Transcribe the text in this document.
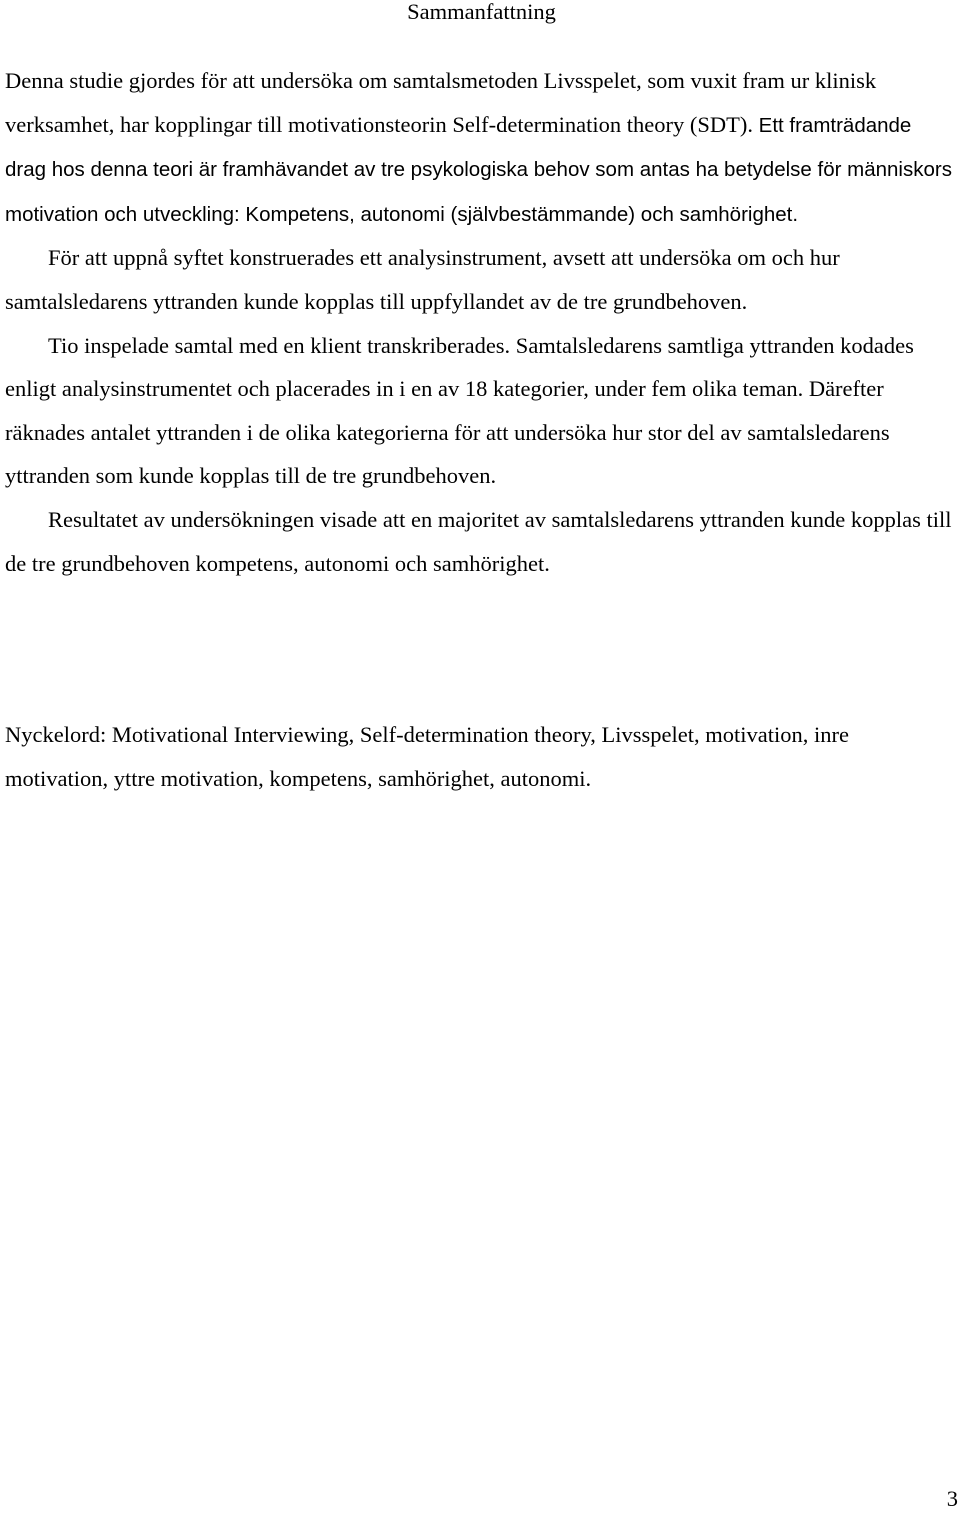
Sammanfattning

Denna studie gjordes för att undersöka om samtalsmetoden Livsspelet, som vuxit fram ur klinisk verksamhet, har kopplingar till motivationsteorin Self-determination theory (SDT). Ett framträdande drag hos denna teori är framhävandet av tre psykologiska behov som antas ha betydelse för människors motivation och utveckling: Kompetens, autonomi (självbestämmande) och samhörighet.

För att uppnå syftet konstruerades ett analysinstrument, avsett att undersöka om och hur samtalsledarens yttranden kunde kopplas till uppfyllandet av de tre grundbehoven.

Tio inspelade samtal med en klient transkriberades. Samtalsledarens samtliga yttranden kodades enligt analysinstrumentet och placerades in i en av 18 kategorier, under fem olika teman. Därefter räknades antalet yttranden i de olika kategorierna för att undersöka hur stor del av samtalsledarens yttranden som kunde kopplas till de tre grundbehoven.

Resultatet av undersökningen visade att en majoritet av samtalsledarens yttranden kunde kopplas till de tre grundbehoven kompetens, autonomi och samhörighet.

Nyckelord: Motivational Interviewing, Self-determination theory, Livsspelet, motivation, inre motivation, yttre motivation, kompetens, samhörighet, autonomi.

3
